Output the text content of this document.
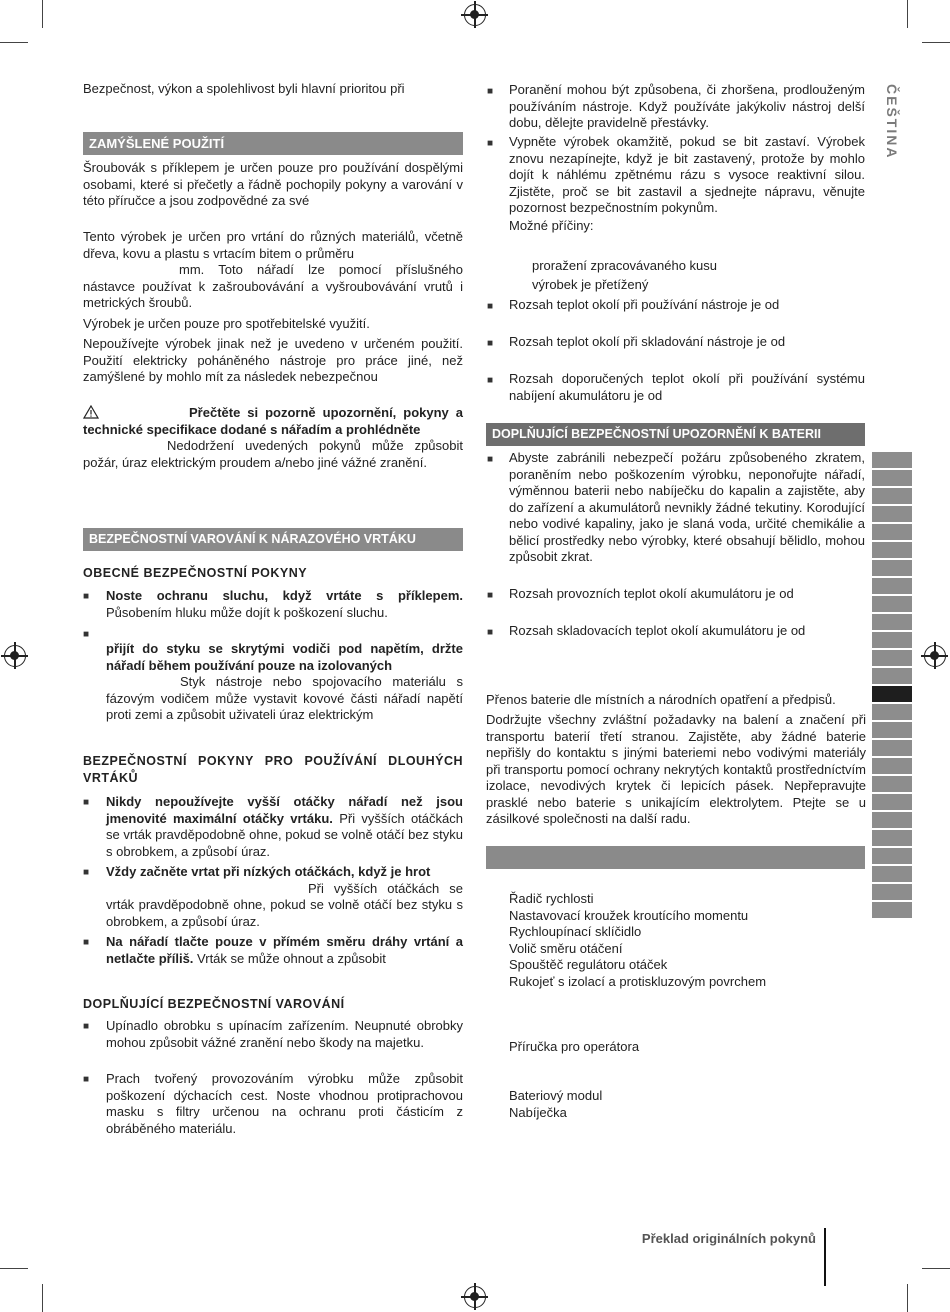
ČEŠTINA
Bezpečnost, výkon a spolehlivost byli hlavní prioritou při
ZAMÝŠLENÉ POUŽITÍ
Šroubovák s příklepem je určen pouze pro používání dospělými osobami, které si přečetly a řádně pochopily pokyny a varování v této příručce a jsou zodpovědné za své
Tento výrobek je určen pro vrtání do různých materiálů, včetně dřeva, kovu a plastu s vrtacím bitem o průměru
mm. Toto nářadí lze pomocí příslušného nástavce používat k zašroubovávání a vyšroubovávání vrutů i metrických šroubů.
Výrobek je určen pouze pro spotřebitelské využití.
Nepoužívejte výrobek jinak než je uvedeno v určeném použití. Použití elektricky poháněného nástroje pro práce jiné, než zamýšlené by mohlo mít za následek nebezpečnou
Přečtěte si pozorně upozornění, pokyny a technické specifikace dodané s nářadím a prohlédněte
Nedodržení uvedených pokynů může způsobit požár, úraz elektrickým proudem a/nebo jiné vážné zranění.
BEZPEČNOSTNÍ VAROVÁNÍ K NÁRAZOVÉHO VRTÁKU
OBECNÉ BEZPEČNOSTNÍ POKYNY
■ Noste ochranu sluchu, když vrtáte s příklepem. Působením hluku může dojít k poškození sluchu.
■
přijít do styku se skrytými vodiči pod napětím, držte nářadí během používání pouze na izolovaných
Styk nástroje nebo spojovacího materiálu s fázovým vodičem může vystavit kovové části nářadí napětí proti zemi a způsobit uživateli úraz elektrickým
BEZPEČNOSTNÍ POKYNY PRO POUŽÍVÁNÍ DLOUHÝCH VRTÁKŮ
■ Nikdy nepoužívejte vyšší otáčky nářadí než jsou jmenovité maximální otáčky vrtáku. Při vyšších otáčkách se vrták pravděpodobně ohne, pokud se volně otáčí bez styku s obrobkem, a způsobí úraz.
■ Vždy začněte vrtat při nízkých otáčkách, když je hrot
Při vyšších otáčkách se vrták pravděpodobně ohne, pokud se volně otáčí bez styku s obrobkem, a způsobí úraz.
■ Na nářadí tlačte pouze v přímém směru dráhy vrtání a netlačte příliš. Vrták se může ohnout a způsobit
DOPLŇUJÍCÍ BEZPEČNOSTNÍ VAROVÁNÍ
■ Upínadlo obrobku s upínacím zařízením. Neupnuté obrobky mohou způsobit vážné zranění nebo škody na majetku.
■ Prach tvořený provozováním výrobku může způsobit poškození dýchacích cest. Noste vhodnou protiprachovou masku s filtry určenou na ochranu proti částicím z obráběného materiálu.
■ Poranění mohou být způsobena, či zhoršena, prodlouženým používáním nástroje. Když používáte jakýkoliv nástroj delší dobu, dělejte pravidelně přestávky.
■ Vypněte výrobek okamžitě, pokud se bit zastaví. Výrobek znovu nezapínejte, když je bit zastavený, protože by mohlo dojít k náhlému zpětnému rázu s vysoce reaktivní silou. Zjistěte, proč se bit zastavil a sjednejte nápravu, věnujte pozornost bezpečnostním pokynům.
Možné příčiny:
proražení zpracovávaného kusu
výrobek je přetížený
■ Rozsah teplot okolí při používání nástroje je od
■ Rozsah teplot okolí při skladování nástroje je od
■ Rozsah doporučených teplot okolí při používání systému nabíjení akumulátoru je od
DOPLŇUJÍCÍ BEZPEČNOSTNÍ UPOZORNĚNÍ K BATERII
■ Abyste zabránili nebezpečí požáru způsobeného zkratem, poraněním nebo poškozením výrobku, neponořujte nářadí, výměnnou baterii nebo nabíječku do kapalin a zajistěte, aby do zařízení a akumulátorů nevnikly žádné tekutiny. Korodující nebo vodivé kapaliny, jako je slaná voda, určité chemikálie a bělicí prostředky nebo výrobky, které obsahují bělidlo, mohou způsobit zkrat.
■ Rozsah provozních teplot okolí akumulátoru je od
■ Rozsah skladovacích teplot okolí akumulátoru je od
Přenos baterie dle místních a národních opatření a předpisů.
Dodržujte všechny zvláštní požadavky na balení a značení při transportu baterií třetí stranou. Zajistěte, aby žádné baterie nepřišly do kontaktu s jinými bateriemi nebo vodivými materiály při transportu pomocí ochrany nekrytých kontaktů prostředníctvím izolace, nevodivých krytek či lepicích pásek. Nepřepravujte prasklé nebo baterie s unikajícím elektrolytem. Ptejte se u zásilkové společnosti na další radu.
Řadič rychlosti
Nastavovací kroužek kroutícího momentu
Rychloupínací sklíčidlo
Volič směru otáčení
Spouštěč regulátoru otáček
Rukojeť s izolací a protiskluzovým povrchem
Příručka pro operátora
Bateriový modul
Nabíječka
Překlad originálních pokynů
